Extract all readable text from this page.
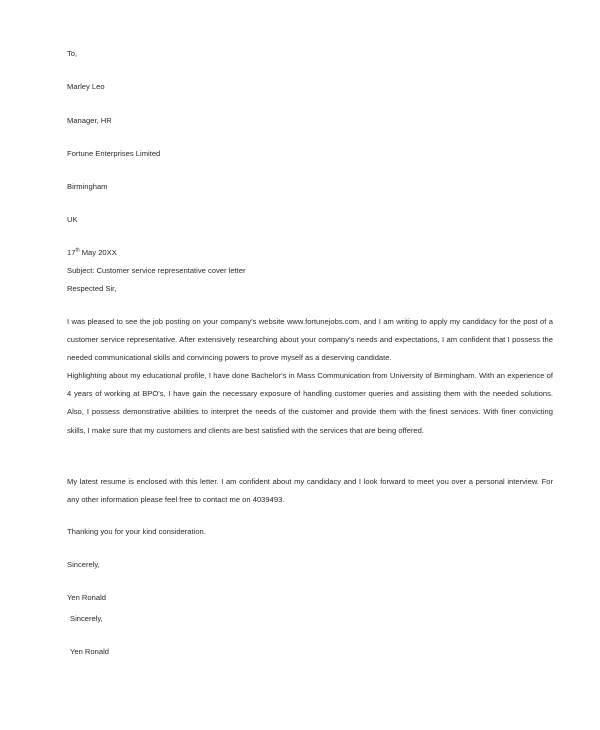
To,
Marley Leo
Manager, HR
Fortune Enterprises Limited
Birmingham
UK
17th May 20XX
Subject: Customer service representative cover letter
Respected Sir,
I was pleased to see the job posting on your company's website www.fortunejobs.com, and I am writing to apply my candidacy for the post of a customer service representative. After extensively researching about your company's needs and expectations, I am confident that I possess the needed communicational skills and convincing powers to prove myself as a deserving candidate.
Highlighting about my educational profile, I have done Bachelor's in Mass Communication from University of Birmingham. With an experience of 4 years of working at BPO's, I have gain the necessary exposure of handling customer queries and assisting them with the needed solutions. Also, I possess demonstrative abilities to interpret the needs of the customer and provide them with the finest services. With finer convicting skills, I make sure that my customers and clients are best satisfied with the services that are being offered.
My latest resume is enclosed with this letter. I am confident about my candidacy and I look forward to meet you over a personal interview. For any other information please feel free to contact me on 4039493.
Thanking you for your kind consideration.
Sincerely,
Yen Ronald
Sincerely,
Yen Ronald
